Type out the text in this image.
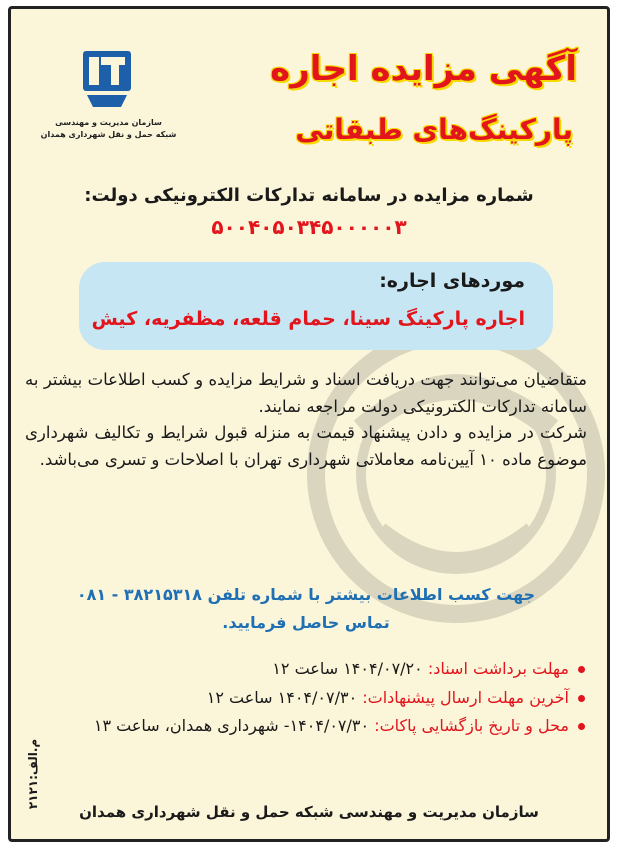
سازمان مدیریت و مهندسی
شبکه حمل و نقل شهرداری همدان
آگهی مزایده اجاره
پارکینگ‌های طبقاتی
شماره مزایده در سامانه تدارکات الکترونیکی دولت:
۵۰۰۴۰۵۰۳۴۵۰۰۰۰۰۳
موردهای اجاره:
اجاره پارکینگ سینا، حمام قلعه، مظفریه، کیش

متقاضیان می‌توانند جهت دریافت اسناد و شرایط مزایده و کسب اطلاعات بیشتر به سامانه تدارکات الکترونیکی دولت مراجعه نمایند.

شرکت در مزایده و دادن پیشنهاد قیمت به منزله قبول شرایط و تکالیف شهرداری موضوع ماده ۱۰ آیین‌نامه معاملاتی شهرداری تهران با اصلاحات و تسری می‌باشد.

جهت کسب اطلاعات بیشتر با شماره تلفن ۳۸۲۱۵۳۱۸ - ۰۸۱

تماس حاصل فرمایید.

مهلت برداشت اسناد: ۱۴۰۴/۰۷/۲۰ ساعت ۱۲
آخرین مهلت ارسال پیشنهادات: ۱۴۰۴/۰۷/۳۰ ساعت ۱۲
محل و تاریخ بازگشایی پاکات: ۱۴۰۴/۰۷/۳۰- شهرداری همدان، ساعت ۱۳
م.الف:۲۱۲۱
سازمان مدیریت و مهندسی شبکه حمل و نقل شهرداری همدان
